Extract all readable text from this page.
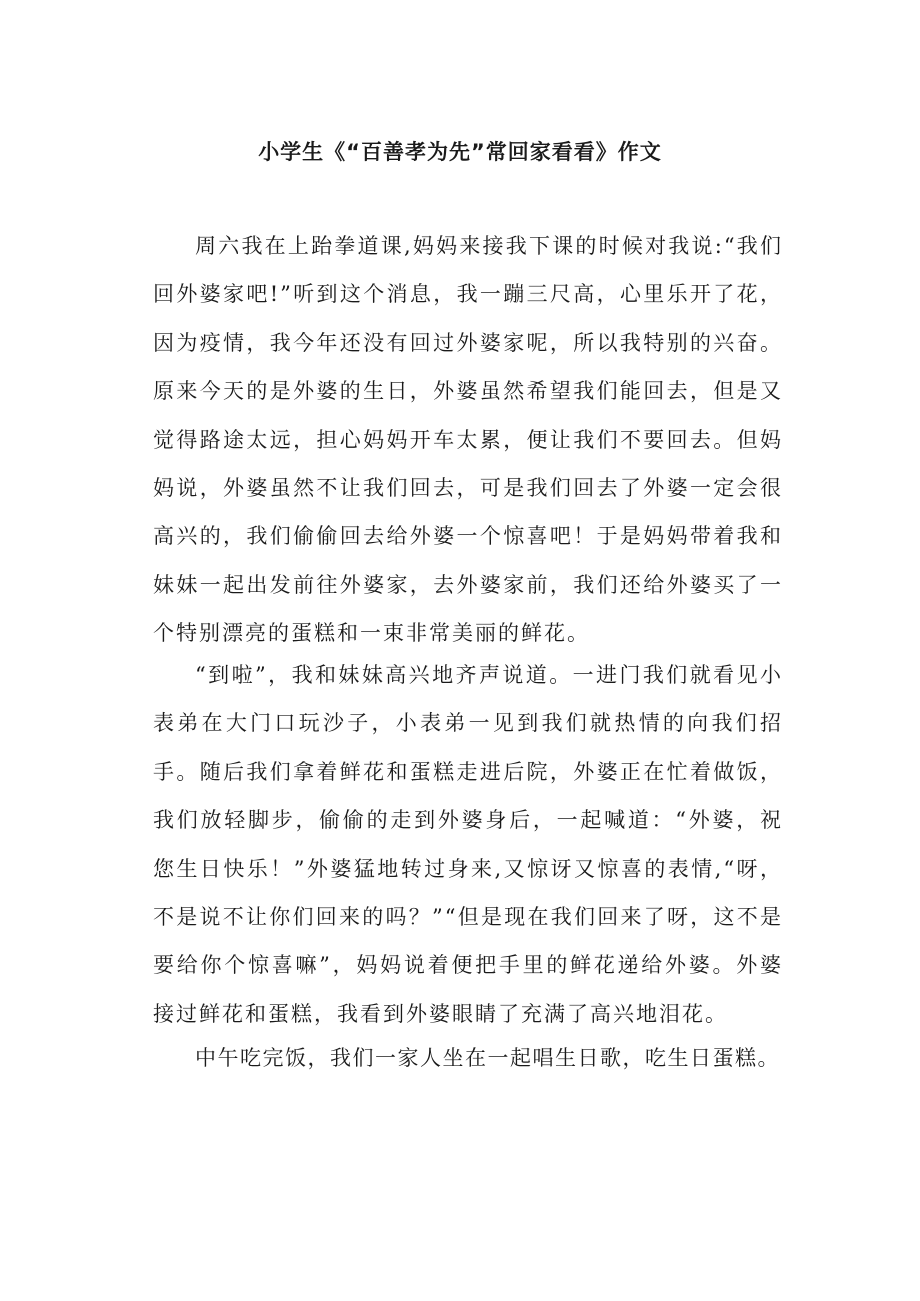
小学生《“百善孝为先”常回家看看》作文

周六我在上跆拳道课,妈妈来接我下课的时候对我说:“我们回外婆家吧!”听到这个消息，我一蹦三尺高，心里乐开了花，因为疫情，我今年还没有回过外婆家呢，所以我特别的兴奋。原来今天的是外婆的生日，外婆虽然希望我们能回去，但是又觉得路途太远，担心妈妈开车太累，便让我们不要回去。但妈妈说，外婆虽然不让我们回去，可是我们回去了外婆一定会很高兴的，我们偷偷回去给外婆一个惊喜吧！于是妈妈带着我和妹妹一起出发前往外婆家，去外婆家前，我们还给外婆买了一个特别漂亮的蛋糕和一束非常美丽的鲜花。

“到啦”，我和妹妹高兴地齐声说道。一进门我们就看见小表弟在大门口玩沙子，小表弟一见到我们就热情的向我们招手。随后我们拿着鲜花和蛋糕走进后院，外婆正在忙着做饭，我们放轻脚步，偷偷的走到外婆身后，一起喊道：“外婆，祝您生日快乐！”外婆猛地转过身来,又惊讶又惊喜的表情,“呀，不是说不让你们回来的吗？”“但是现在我们回来了呀，这不是要给你个惊喜嘛”，妈妈说着便把手里的鲜花递给外婆。外婆接过鲜花和蛋糕，我看到外婆眼睛了充满了高兴地泪花。

中午吃完饭，我们一家人坐在一起唱生日歌，吃生日蛋糕。
